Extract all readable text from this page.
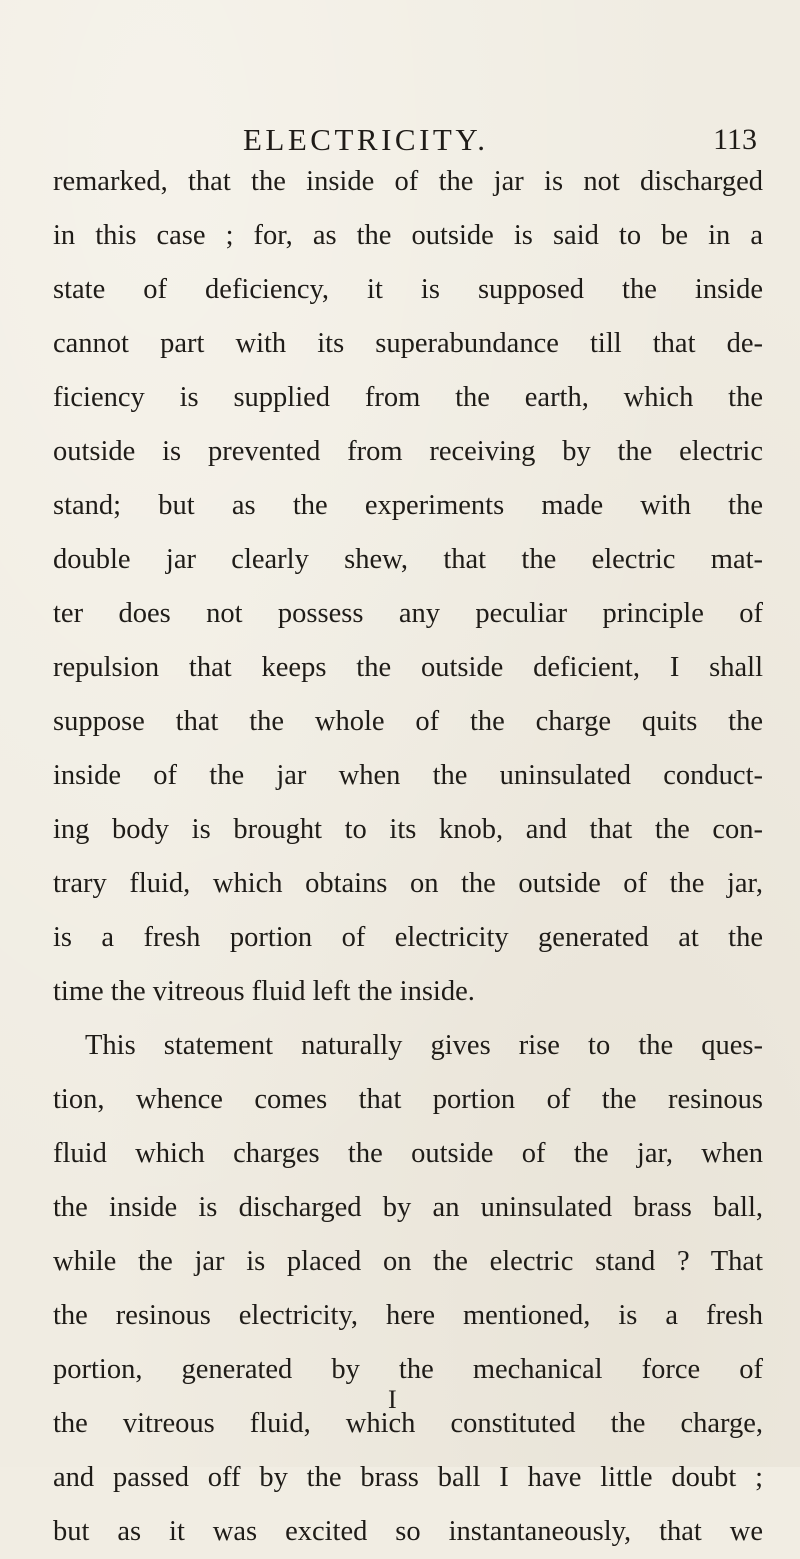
ELECTRICITY.	113
remarked, that the inside of the jar is not discharged
in this case ; for, as the outside is said to be in a
state of deficiency, it is supposed the inside
cannot part with its superabundance till that de-
ficiency is supplied from the earth, which the
outside is prevented from receiving by the electric
stand; but as the experiments made with the
double jar clearly shew, that the electric mat-
ter does not possess any peculiar principle of
repulsion that keeps the outside deficient, I shall
suppose that the whole of the charge quits the
inside of the jar when the uninsulated conduct-
ing body is brought to its knob, and that the con-
trary fluid, which obtains on the outside of the jar,
is a fresh portion of electricity generated at the
time the vitreous fluid left the inside.
This statement naturally gives rise to the ques-
tion, whence comes that portion of the resinous
fluid which charges the outside of the jar, when
the inside is discharged by an uninsulated brass ball,
while the jar is placed on the electric stand ? That
the resinous electricity, here mentioned, is a fresh
portion, generated by the mechanical force of
the vitreous fluid, which constituted the charge,
and passed off by the brass ball I have little doubt ;
but as it was excited so instantaneously, that we
I
